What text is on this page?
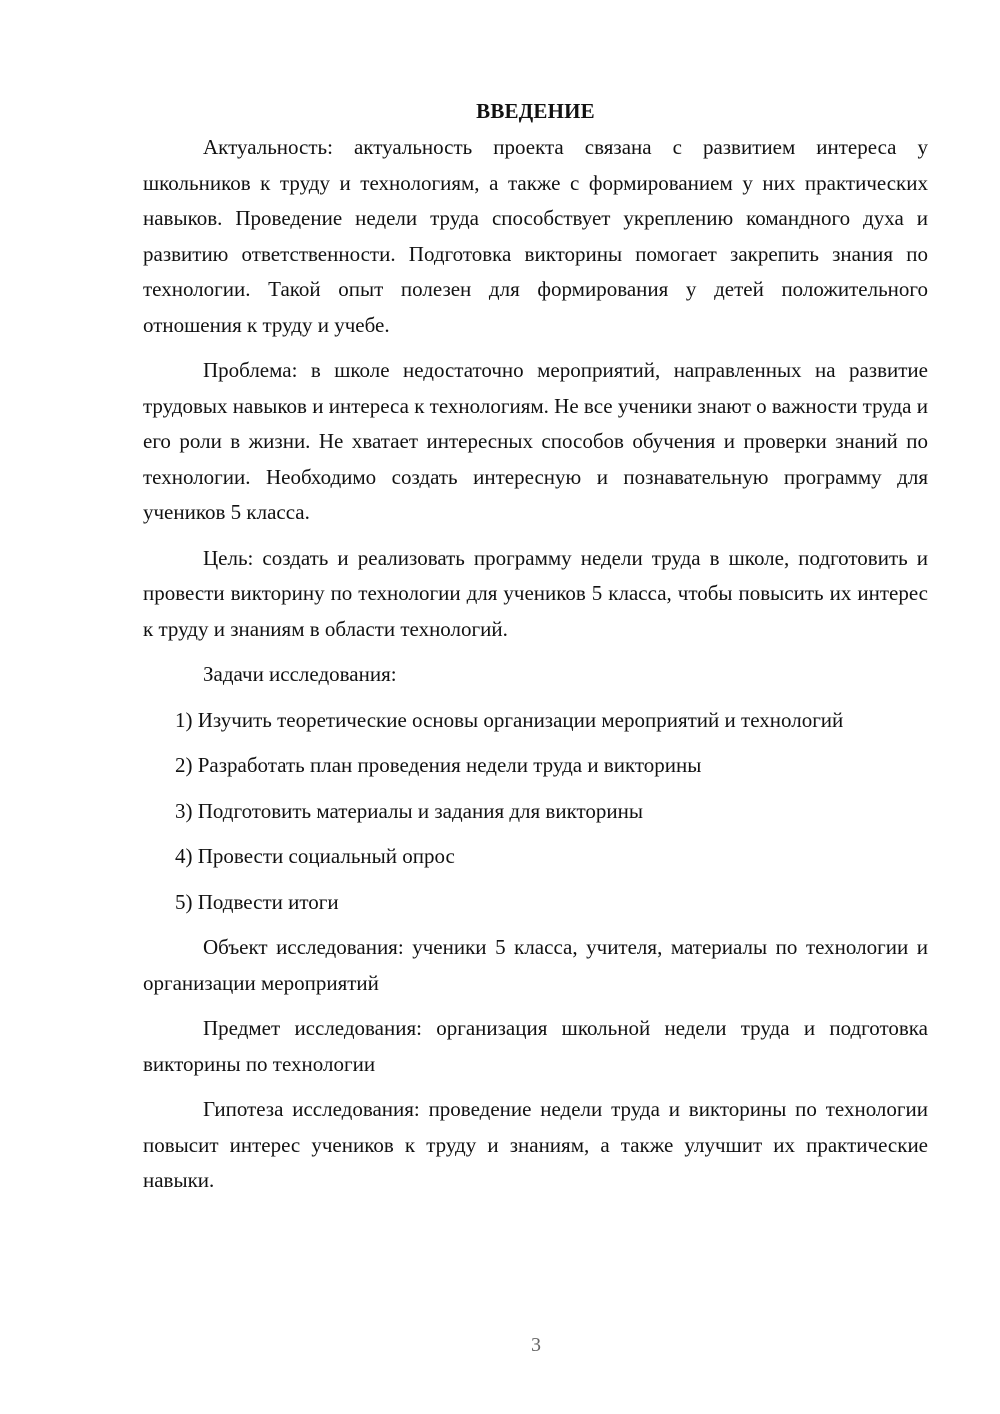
ВВЕДЕНИЕ

Актуальность: актуальность проекта связана с развитием интереса у школьников к труду и технологиям, а также с формированием у них практических навыков. Проведение недели труда способствует укреплению командного духа и развитию ответственности. Подготовка викторины помогает закрепить знания по технологии. Такой опыт полезен для формирования у детей положительного отношения к труду и учебе.

Проблема: в школе недостаточно мероприятий, направленных на развитие трудовых навыков и интереса к технологиям. Не все ученики знают о важности труда и его роли в жизни. Не хватает интересных способов обучения и проверки знаний по технологии. Необходимо создать интересную и познавательную программу для учеников 5 класса.

Цель: создать и реализовать программу недели труда в школе, подготовить и провести викторину по технологии для учеников 5 класса, чтобы повысить их интерес к труду и знаниям в области технологий.

Задачи исследования:

1) Изучить теоретические основы организации мероприятий и технологий

2) Разработать план проведения недели труда и викторины

3) Подготовить материалы и задания для викторины

4) Провести социальный опрос

5) Подвести итоги

Объект исследования: ученики 5 класса, учителя, материалы по технологии и организации мероприятий

Предмет исследования: организация школьной недели труда и подготовка викторины по технологии

Гипотеза исследования: проведение недели труда и викторины по технологии повысит интерес учеников к труду и знаниям, а также улучшит их практические навыки.

3
